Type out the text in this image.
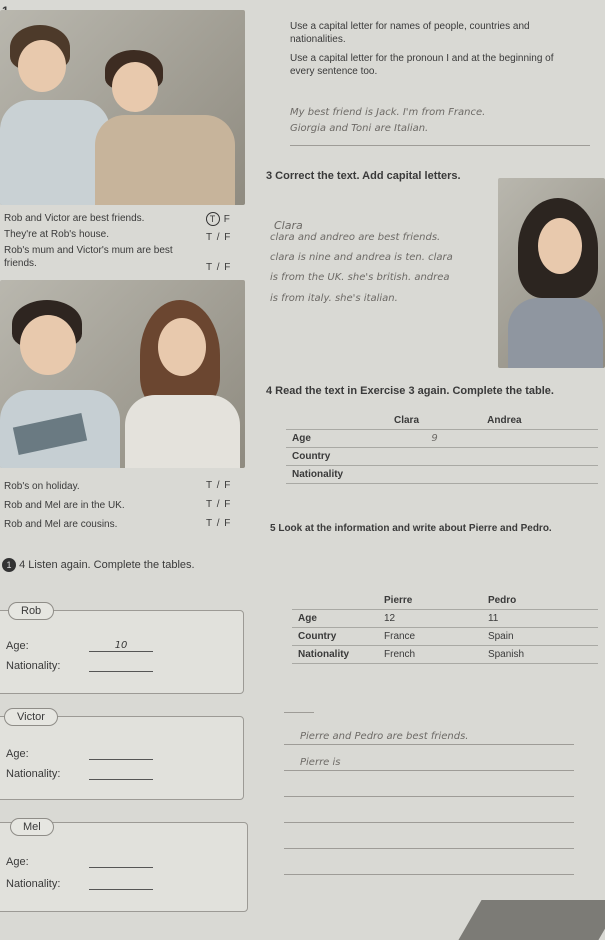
Rob and Victor are best friends.	T F
They're at Rob's house.	T / F
Rob's mum and Victor's mum are best friends.	T / F
Rob's on holiday.	T / F
Rob and Mel are in the UK.	T / F
Rob and Mel are cousins.	T / F
1 4 Listen again. Complete the tables.
Rob
Age:	10
Nationality:
Victor
Age:
Nationality:
Mel
Age:
Nationality:
Use a capital letter for names of people, countries and nationalities.
Use a capital letter for the pronoun I and at the beginning of every sentence too.
My best friend is Jack. I'm from France.
Giorgia and Toni are Italian.
3 Correct the text. Add capital letters.
Clara
clara and andreo are best friends.
clara is nine and andrea is ten. clara
is from the UK. she's british. andrea
is from italy. she's italian.
4 Read the text in Exercise 3 again. Complete the table.
	Clara	Andrea
Age	9	
Country		
Nationality		
5 Look at the information and write about Pierre and Pedro.
	Pierre	Pedro
Age	12	11
Country	France	Spain
Nationality	French	Spanish
Pierre and Pedro are best friends.
Pierre is
